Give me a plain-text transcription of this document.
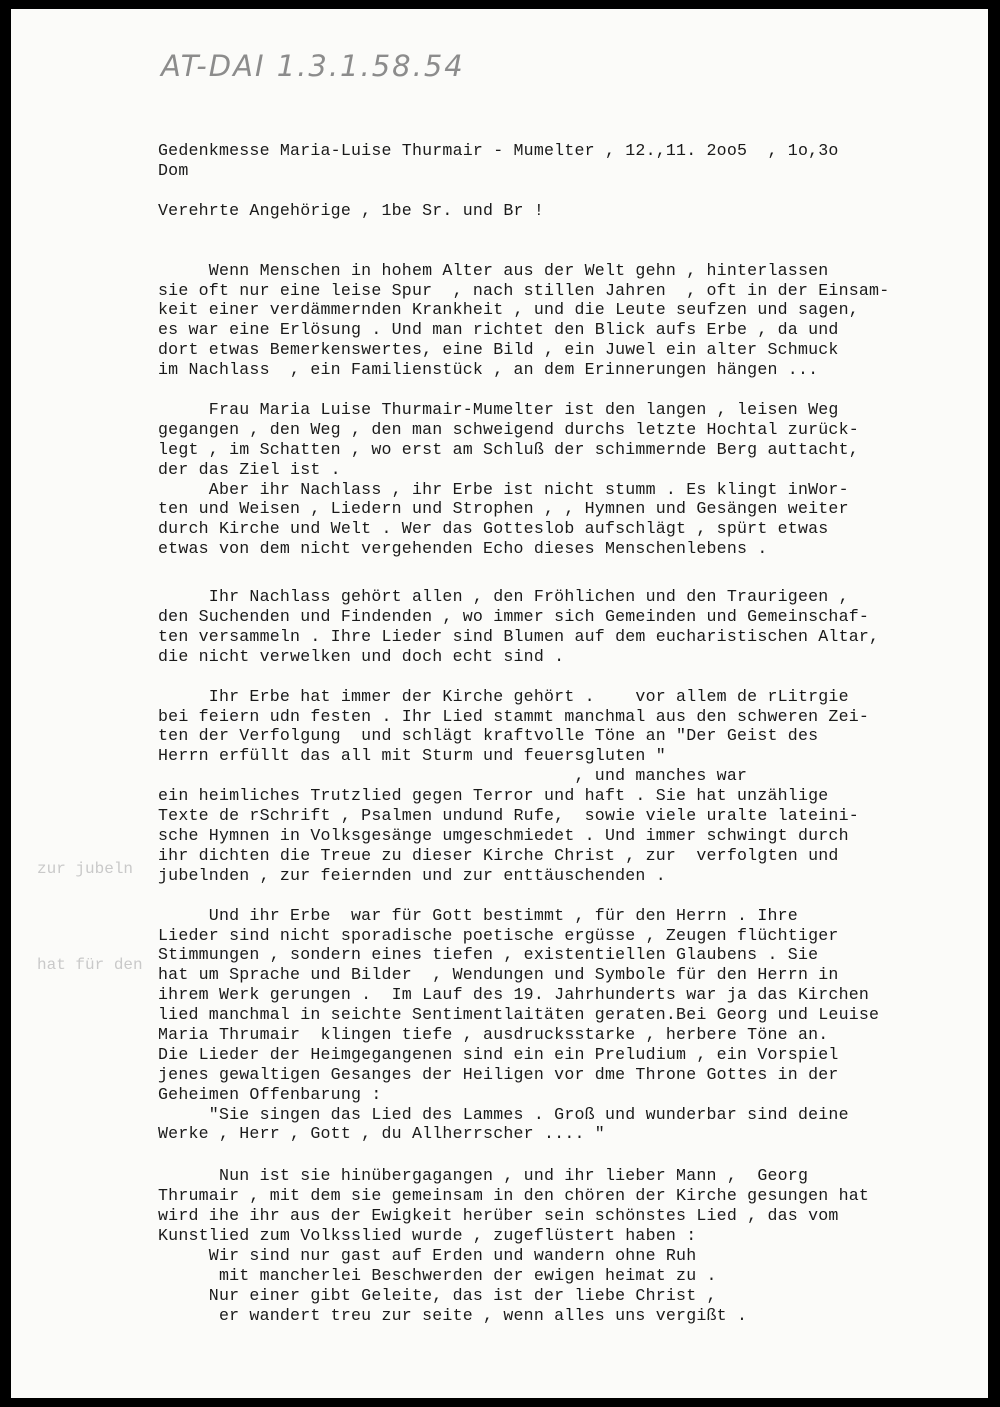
AT-DAI 1.3.1.58.54
zur jubeln
hat für den
Gedenkmesse Maria-Luise Thurmair - Mumelter , 12.,11. 2oo5  , 1o,3o
Dom
Verehrte Angehörige , 1be Sr. und Br !
Wenn Menschen in hohem Alter aus der Welt gehn , hinterlassen
sie oft nur eine leise Spur  , nach stillen Jahren  , oft in der Einsam-
keit einer verdämmernden Krankheit , und die Leute seufzen und sagen,
es war eine Erlösung . Und man richtet den Blick aufs Erbe , da und
dort etwas Bemerkenswertes, eine Bild , ein Juwel ein alter Schmuck
im Nachlass  , ein Familienstück , an dem Erinnerungen hängen ...
Frau Maria Luise Thurmair-Mumelter ist den langen , leisen Weg
gegangen , den Weg , den man schweigend durchs letzte Hochtal zurück-
legt , im Schatten , wo erst am Schluß der schimmernde Berg auttacht,
der das Ziel ist .
Aber ihr Nachlass , ihr Erbe ist nicht stumm . Es klingt inWor-
ten und Weisen , Liedern und Strophen , , Hymnen und Gesängen weiter
durch Kirche und Welt . Wer das Gotteslob aufschlägt , spürt etwas
etwas von dem nicht vergehenden Echo dieses Menschenlebens .
Ihr Nachlass gehört allen , den Fröhlichen und den Traurigeen ,
den Suchenden und Findenden , wo immer sich Gemeinden und Gemeinschaf-
ten versammeln . Ihre Lieder sind Blumen auf dem eucharistischen Altar,
die nicht verwelken und doch echt sind .
Ihr Erbe hat immer der Kirche gehört .    vor allem de rLitrgie
bei feiern udn festen . Ihr Lied stammt manchmal aus den schweren Zei-
ten der Verfolgung  und schlägt kraftvolle Töne an "Der Geist des
Herrn erfüllt das all mit Sturm und feuersgluten "
, und manches war
ein heimliches Trutzlied gegen Terror und haft . Sie hat unzählige
Texte de rSchrift , Psalmen undund Rufe,  sowie viele uralte lateini-
sche Hymnen in Volksgesänge umgeschmiedet . Und immer schwingt durch
ihr dichten die Treue zu dieser Kirche Christ , zur  verfolgten und
jubelnden , zur feiernden und zur enttäuschenden .
Und ihr Erbe  war für Gott bestimmt , für den Herrn . Ihre
Lieder sind nicht sporadische poetische ergüsse , Zeugen flüchtiger
Stimmungen , sondern eines tiefen , existentiellen Glaubens . Sie
hat um Sprache und Bilder  , Wendungen und Symbole für den Herrn in
ihrem Werk gerungen .  Im Lauf des 19. Jahrhunderts war ja das Kirchen
lied manchmal in seichte Sentimentlaitäten geraten.Bei Georg und Leuise
Maria Thrumair  klingen tiefe , ausdrucksstarke , herbere Töne an.
Die Lieder der Heimgegangenen sind ein ein Preludium , ein Vorspiel
jenes gewaltigen Gesanges der Heiligen vor dme Throne Gottes in der
Geheimen Offenbarung :
"Sie singen das Lied des Lammes . Groß und wunderbar sind deine
Werke , Herr , Gott , du Allherrscher .... "
Nun ist sie hinübergagangen , und ihr lieber Mann ,  Georg
Thrumair , mit dem sie gemeinsam in den chören der Kirche gesungen hat
wird ihe ihr aus der Ewigkeit herüber sein schönstes Lied , das vom
Kunstlied zum Volksslied wurde , zugeflüstert haben :
Wir sind nur gast auf Erden und wandern ohne Ruh
mit mancherlei Beschwerden der ewigen heimat zu .
Nur einer gibt Geleite, das ist der liebe Christ ,
er wandert treu zur seite , wenn alles uns vergißt .
